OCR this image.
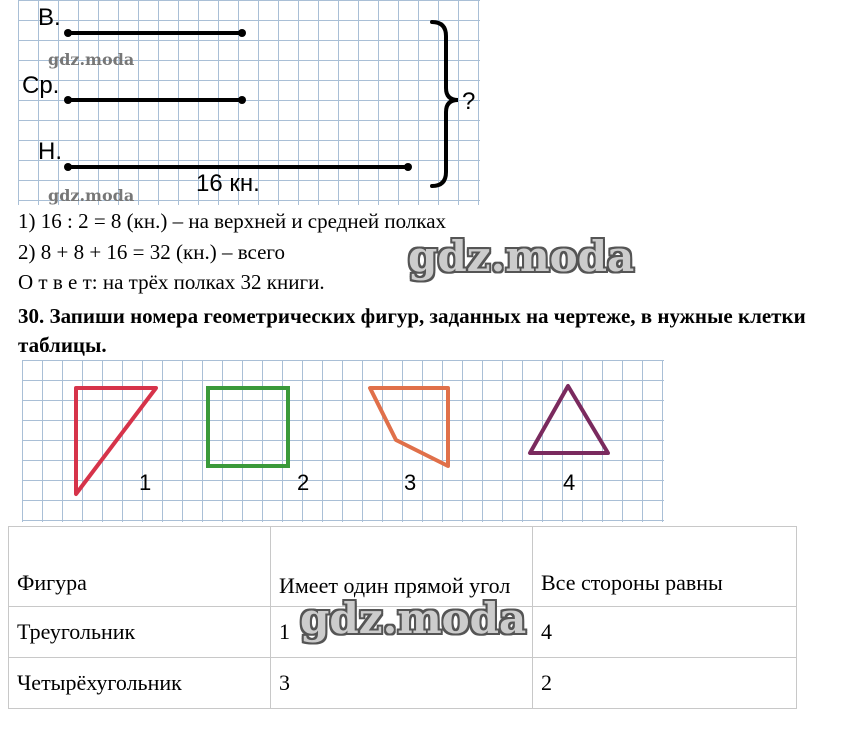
В.
Ср.
Н.
16 кн.
?
1) 16 : 2 = 8 (кн.) – на верхней и средней полках
2) 8 + 8 + 16 = 32 (кн.) – всего
О т в е т: на трёх полках 32 книги.
30. Запиши номера геометрических фигур, заданных на чертеже, в нужные клетки таблицы.
1	2	3	4
Фигура	Имеет один прямой угол	Все стороны равны
Треугольник	1	4
Четырёхугольник	3	2
gdz.moda
gdz.moda
gdz.moda
gdz.moda
